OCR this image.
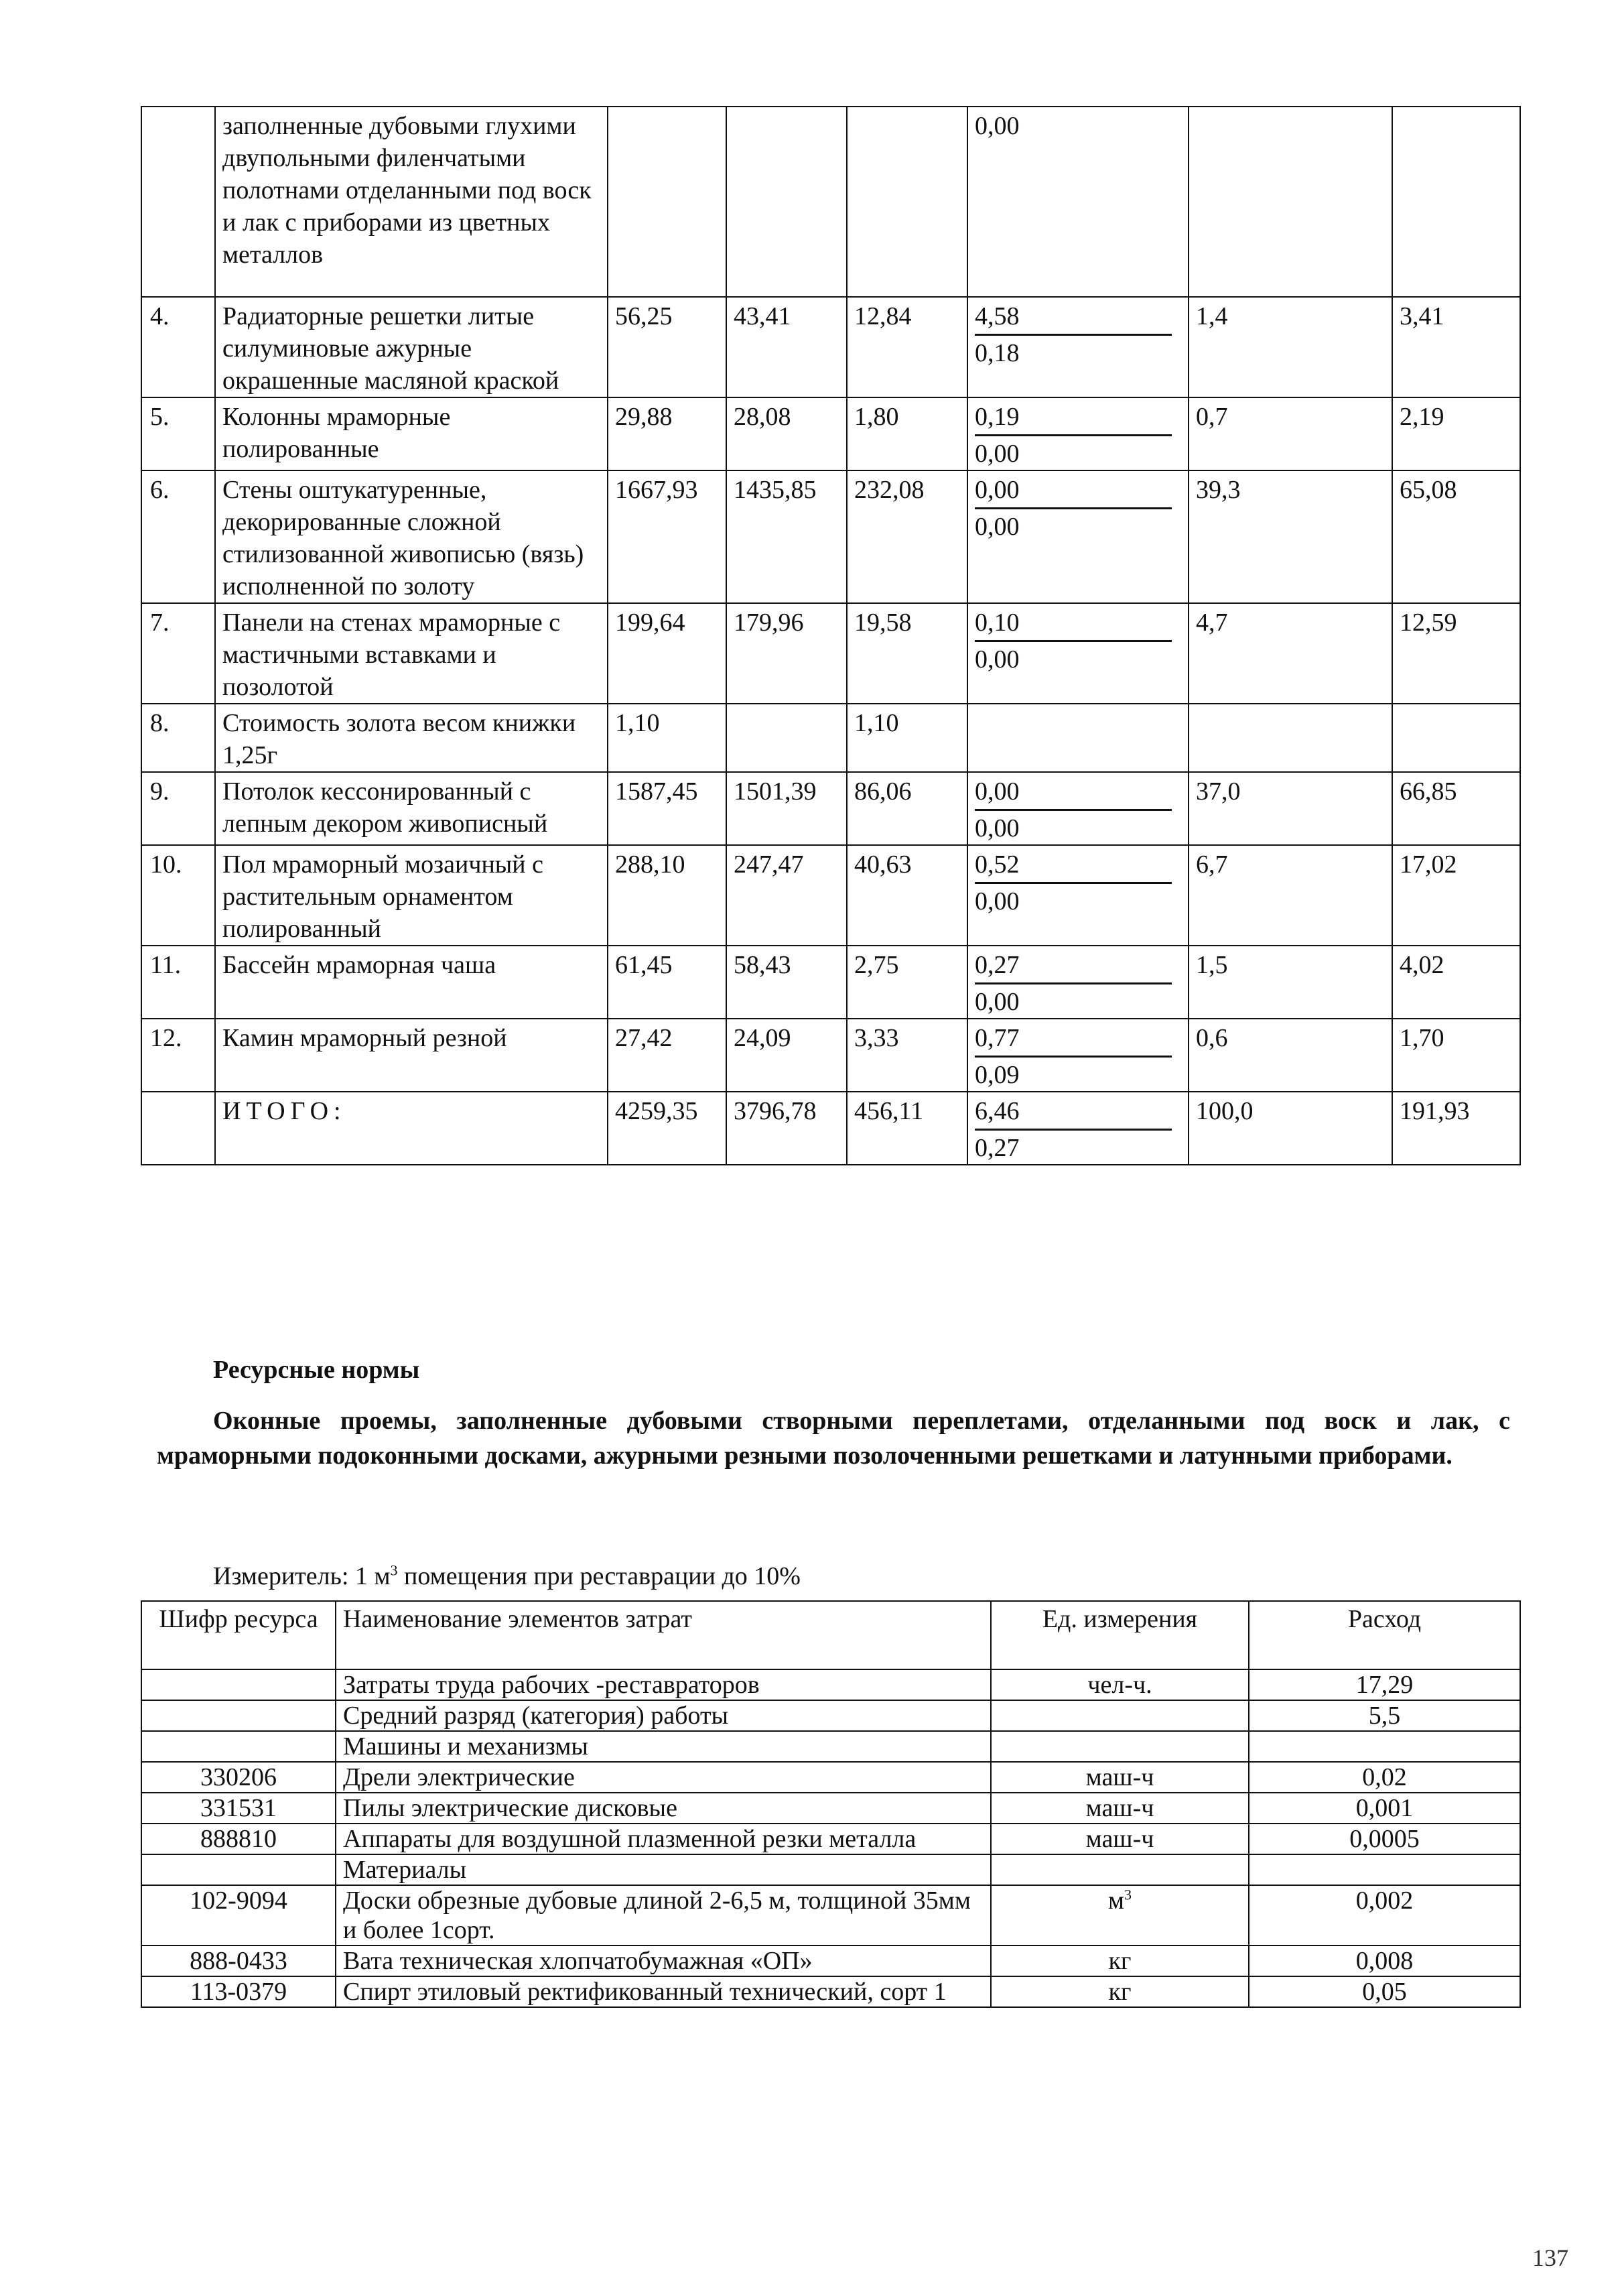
	заполненные дубовыми глухими двупольными филенчатыми полотнами отделанными под воск и лак с приборами из цветных металлов				0,00		
4.	Радиаторные решетки литые силуминовые ажурные окрашенные масляной краской	56,25	43,41	12,84	4,58
0,18	1,4	3,41
5.	Колонны мраморные полированные	29,88	28,08	1,80	0,19
0,00	0,7	2,19
6.	Стены оштукатуренные, декорированные сложной стилизованной живописью (вязь) исполненной по золоту	1667,93	1435,85	232,08	0,00
0,00	39,3	65,08
7.	Панели на стенах мраморные с мастичными вставками и позолотой	199,64	179,96	19,58	0,10
0,00	4,7	12,59
8.	Стоимость золота весом книжки 1,25г	1,10		1,10			
9.	Потолок кессонированный с лепным декором живописный	1587,45	1501,39	86,06	0,00
0,00	37,0	66,85
10.	Пол мраморный мозаичный с растительным орнаментом полированный	288,10	247,47	40,63	0,52
0,00	6,7	17,02
11.	Бассейн мраморная чаша	61,45	58,43	2,75	0,27
0,00	1,5	4,02
12.	Камин мраморный резной	27,42	24,09	3,33	0,77
0,09	0,6	1,70
	ИТОГО:	4259,35	3796,78	456,11	6,46
0,27	100,0	191,93
Ресурсные нормы
Оконные проемы, заполненные дубовыми створными переплетами, отделанными под воск и лак, с мраморными подоконными досками, ажурными резными позолоченными решетками и латунными приборами.
Измеритель: 1 $м^3$ помещения при реставрации до 10%
Шифр ресурса	Наименование элементов затрат	Ед. измерения	Расход
	Затраты труда рабочих -реставраторов	чел-ч.	17,29
	Средний разряд (категория) работы		5,5
	Машины и механизмы		
330206	Дрели электрические	маш-ч	0,02
331531	Пилы электрические дисковые	маш-ч	0,001
888810	Аппараты для воздушной плазменной резки металла	маш-ч	0,0005
	Материалы		
102-9094	Доски обрезные дубовые длиной 2-6,5 м, толщиной 35мм и более 1сорт.	$м^3$	0,002
888-0433	Вата техническая хлопчатобумажная «ОП»	кг	0,008
113-0379	Спирт этиловый ректификованный технический, сорт 1	кг	0,05
137
